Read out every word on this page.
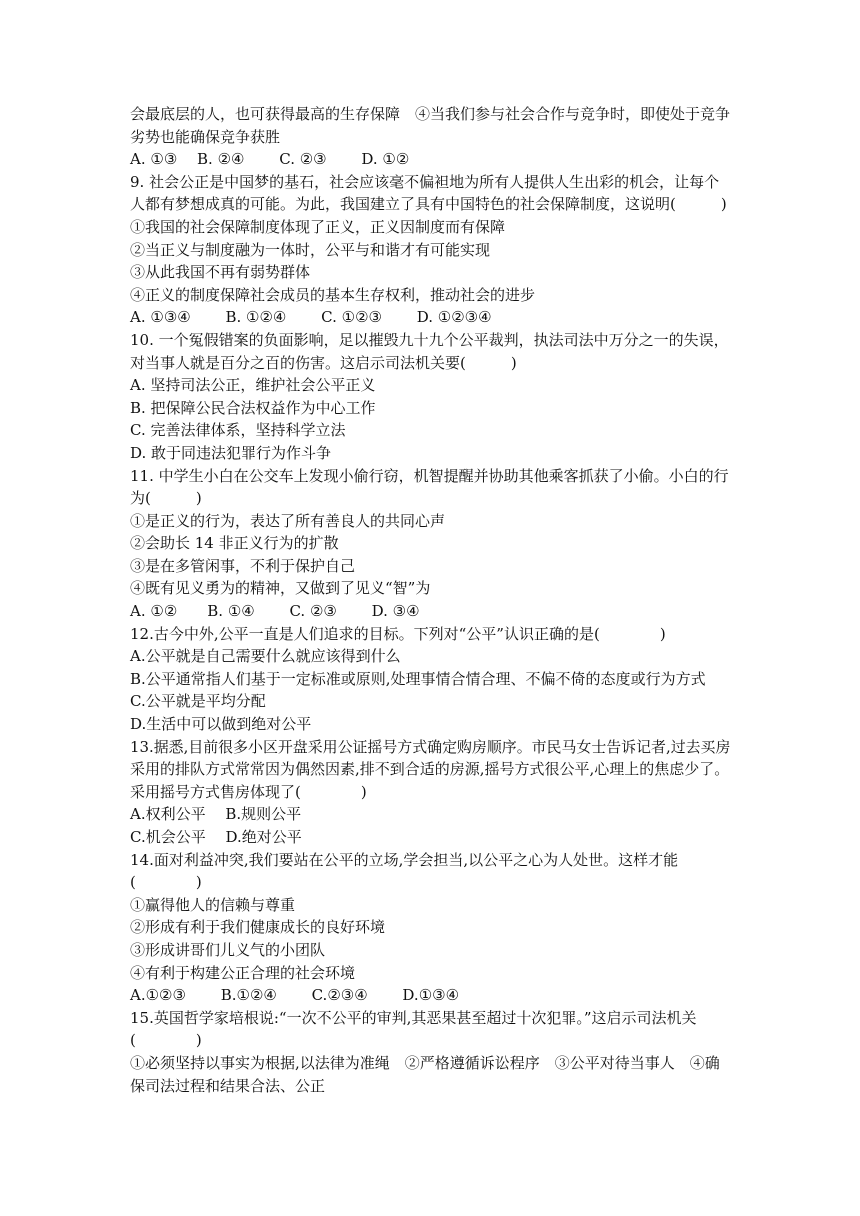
会最底层的人，也可获得最高的生存保障　④当我们参与社会合作与竞争时，即使处于竞争
劣势也能确保竞争获胜
A. ①③　 B. ②④　　 C. ②③　　 D. ①②
9. 社会公正是中国梦的基石，社会应该毫不偏袒地为所有人提供人生出彩的机会，让每个
人都有梦想成真的可能。为此，我国建立了具有中国特色的社会保障制度，这说明(　　　)
①我国的社会保障制度体现了正义，正义因制度而有保障
②当正义与制度融为一体时，公平与和谐才有可能实现
③从此我国不再有弱势群体
④正义的制度保障社会成员的基本生存权利，推动社会的进步
A. ①③④　　 B. ①②④　　 C. ①②③　　 D. ①②③④
10. 一个冤假错案的负面影响，足以摧毁九十九个公平裁判，执法司法中万分之一的失误，
对当事人就是百分之百的伤害。这启示司法机关要(　　　)
A. 坚持司法公正，维护社会公平正义
B. 把保障公民合法权益作为中心工作
C. 完善法律体系，坚持科学立法
D. 敢于同违法犯罪行为作斗争
11. 中学生小白在公交车上发现小偷行窃，机智提醒并协助其他乘客抓获了小偷。小白的行
为(　　　)
①是正义的行为，表达了所有善良人的共同心声
②会助长 14 非正义行为的扩散
③是在多管闲事，不利于保护自己
④既有见义勇为的精神，又做到了见义“智”为
A. ①②　　B. ①④　　 C. ②③　　 D. ③④
12.古今中外,公平一直是人们追求的目标。下列对“公平”认识正确的是(　　　　)
A.公平就是自己需要什么就应该得到什么
B.公平通常指人们基于一定标准或原则,处理事情合情合理、不偏不倚的态度或行为方式
C.公平就是平均分配
D.生活中可以做到绝对公平
13.据悉,目前很多小区开盘采用公证摇号方式确定购房顺序。市民马女士告诉记者,过去买房
采用的排队方式常常因为偶然因素,排不到合适的房源,摇号方式很公平,心理上的焦虑少了。
采用摇号方式售房体现了(　　　　)
A.权利公平　 B.规则公平
C.机会公平　 D.绝对公平
14.面对利益冲突,我们要站在公平的立场,学会担当,以公平之心为人处世。这样才能
(　　　　)
①赢得他人的信赖与尊重
②形成有利于我们健康成长的良好环境
③形成讲哥们儿义气的小团队
④有利于构建公正合理的社会环境
A.①②③　　 B.①②④　　 C.②③④　　 D.①③④
15.英国哲学家培根说:“一次不公平的审判,其恶果甚至超过十次犯罪。”这启示司法机关
(　　　　)
①必须坚持以事实为根据,以法律为准绳　②严格遵循诉讼程序　③公平对待当事人　④确
保司法过程和结果合法、公正
